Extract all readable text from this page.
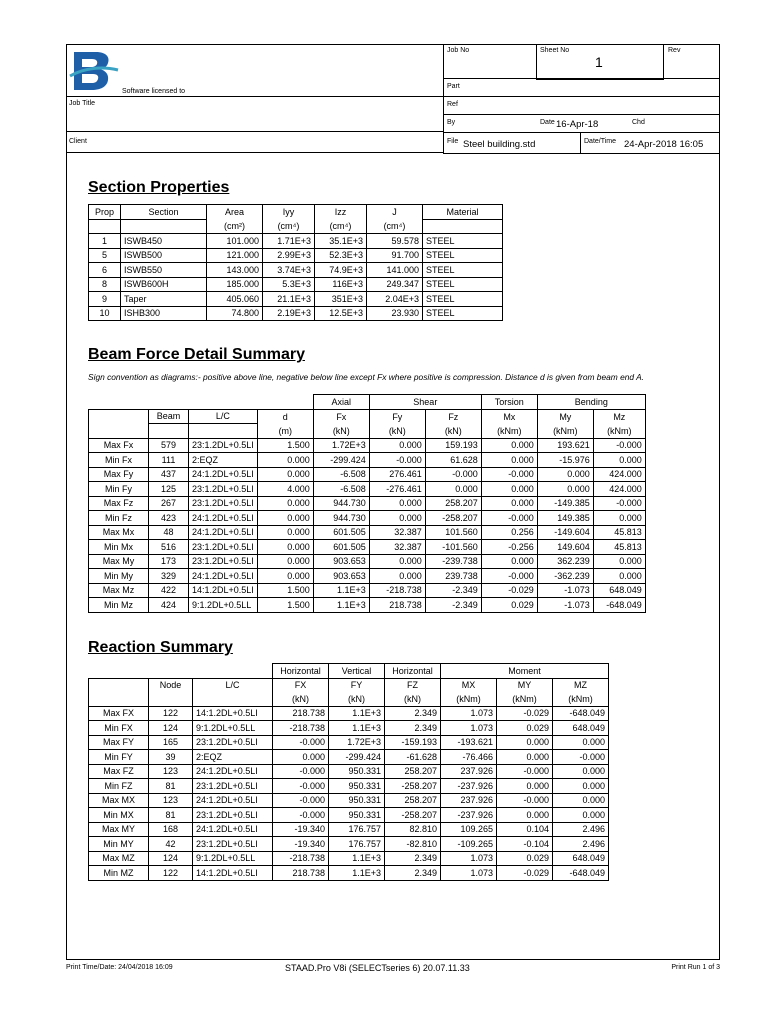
Software licensed to
Job Title
Client
Job No	Sheet No
1
Rev
Part
Ref
By	Date 16-Apr-18	Chd
File Steel building.std	Date/Time 24-Apr-2018 16:05
Section Properties
Prop	Section	Area	Iyy	Izz	J	Material
		(cm²)	(cm⁴)	(cm⁴)	(cm⁴)	
1	ISWB450	101.000	1.71E+3	35.1E+3	59.578	STEEL
5	ISWB500	121.000	2.99E+3	52.3E+3	91.700	STEEL
6	ISWB550	143.000	3.74E+3	74.9E+3	141.000	STEEL
8	ISWB600H	185.000	5.3E+3	116E+3	249.347	STEEL
9	Taper	405.060	21.1E+3	351E+3	2.04E+3	STEEL
10	ISHB300	74.800	2.19E+3	12.5E+3	23.930	STEEL
Beam Force Detail Summary
Sign convention as diagrams:- positive above line, negative below line except Fx where positive is compression. Distance d is given from beam end A.
				Axial	Shear		Torsion	Bending	
	Beam	L/C	d	Fx	Fy	Fz	Mx	My	Mz
			(m)	(kN)	(kN)	(kN)	(kNm)	(kNm)	(kNm)
Max Fx	579	23:1.2DL+0.5LI	1.500	1.72E+3	0.000	159.193	0.000	193.621	-0.000
Min Fx	111	2:EQZ	0.000	-299.424	-0.000	61.628	0.000	-15.976	0.000
Max Fy	437	24:1.2DL+0.5LI	0.000	-6.508	276.461	-0.000	-0.000	0.000	424.000
Min Fy	125	23:1.2DL+0.5LI	4.000	-6.508	-276.461	0.000	0.000	0.000	424.000
Max Fz	267	23:1.2DL+0.5LI	0.000	944.730	0.000	258.207	0.000	-149.385	-0.000
Min Fz	423	24:1.2DL+0.5LI	0.000	944.730	0.000	-258.207	-0.000	149.385	0.000
Max Mx	48	24:1.2DL+0.5LI	0.000	601.505	32.387	101.560	0.256	-149.604	45.813
Min Mx	516	23:1.2DL+0.5LI	0.000	601.505	32.387	-101.560	-0.256	149.604	45.813
Max My	173	23:1.2DL+0.5LI	0.000	903.653	0.000	-239.738	0.000	362.239	0.000
Min My	329	24:1.2DL+0.5LI	0.000	903.653	0.000	239.738	-0.000	-362.239	0.000
Max Mz	422	14:1.2DL+0.5LI	1.500	1.1E+3	-218.738	-2.349	-0.029	-1.073	648.049
Min Mz	424	9:1.2DL+0.5LL	1.500	1.1E+3	218.738	-2.349	0.029	-1.073	-648.049
Reaction Summary
			Horizontal	Vertical	Horizontal	Moment		
	Node	L/C	FX	FY	FZ	MX	MY	MZ
			(kN)	(kN)	(kN)	(kNm)	(kNm)	(kNm)
Max FX	122	14:1.2DL+0.5LI	218.738	1.1E+3	2.349	1.073	-0.029	-648.049
Min FX	124	9:1.2DL+0.5LL	-218.738	1.1E+3	2.349	1.073	0.029	648.049
Max FY	165	23:1.2DL+0.5LI	-0.000	1.72E+3	-159.193	-193.621	0.000	0.000
Min FY	39	2:EQZ	0.000	-299.424	-61.628	-76.466	0.000	-0.000
Max FZ	123	24:1.2DL+0.5LI	-0.000	950.331	258.207	237.926	-0.000	0.000
Min FZ	81	23:1.2DL+0.5LI	-0.000	950.331	-258.207	-237.926	0.000	0.000
Max MX	123	24:1.2DL+0.5LI	-0.000	950.331	258.207	237.926	-0.000	0.000
Min MX	81	23:1.2DL+0.5LI	-0.000	950.331	-258.207	-237.926	0.000	0.000
Max MY	168	24:1.2DL+0.5LI	-19.340	176.757	82.810	109.265	0.104	2.496
Min MY	42	23:1.2DL+0.5LI	-19.340	176.757	-82.810	-109.265	-0.104	2.496
Max MZ	124	9:1.2DL+0.5LL	-218.738	1.1E+3	2.349	1.073	0.029	648.049
Min MZ	122	14:1.2DL+0.5LI	218.738	1.1E+3	2.349	1.073	-0.029	-648.049
Print Time/Date: 24/04/2018 16:09	STAAD.Pro V8i (SELECTseries 6) 20.07.11.33	Print Run 1 of 3
